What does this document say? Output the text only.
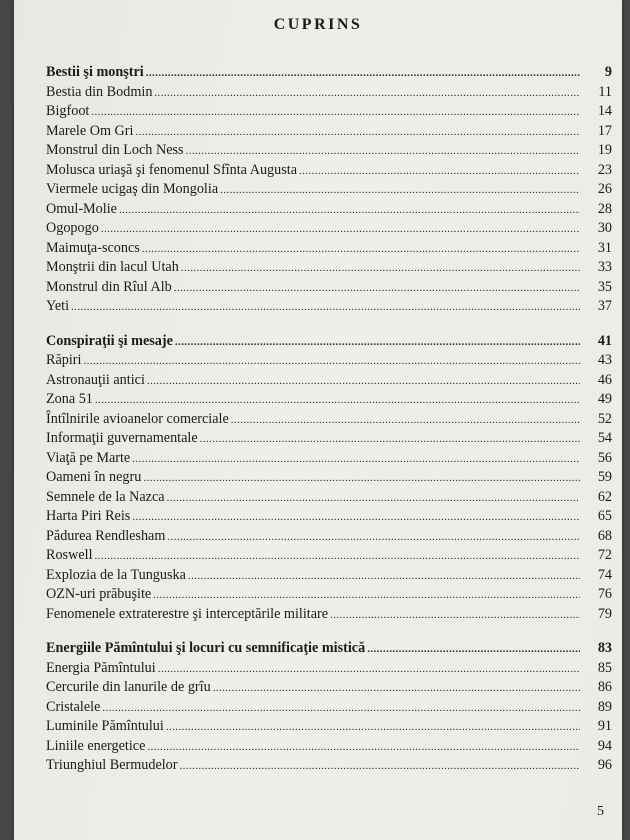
CUPRINS
Bestii şi monştri .....	9
Bestia din Bodmin .....	11
Bigfoot .....	14
Marele Om Gri .....	17
Monstrul din Loch Ness .....	19
Molusca uriaşă şi fenomenul Sfînta Augusta .....	23
Viermele ucigaş din Mongolia .....	26
Omul-Molie .....	28
Ogopogo .....	30
Maimuţa-sconcs .....	31
Monştrii din lacul Utah .....	33
Monstrul din Rîul Alb .....	35
Yeti .....	37
Conspiraţii şi mesaje .....	41
Răpiri .....	43
Astronauţii antici .....	46
Zona 51 .....	49
Întîlnirile avioanelor comerciale .....	52
Informaţii guvernamentale .....	54
Viaţă pe Marte .....	56
Oameni în negru .....	59
Semnele de la Nazca .....	62
Harta Piri Reis .....	65
Pădurea Rendlesham .....	68
Roswell .....	72
Explozia de la Tunguska .....	74
OZN-uri prăbuşite .....	76
Fenomenele extraterestre şi interceptările militare .....	79
Energiile Pămîntului şi locuri cu semnificaţie mistică .....	83
Energia Pămîntului .....	85
Cercurile din lanurile de grîu .....	86
Cristalele .....	89
Luminile Pămîntului .....	91
Liniile energetice .....	94
Triunghiul Bermudelor .....	96
5
